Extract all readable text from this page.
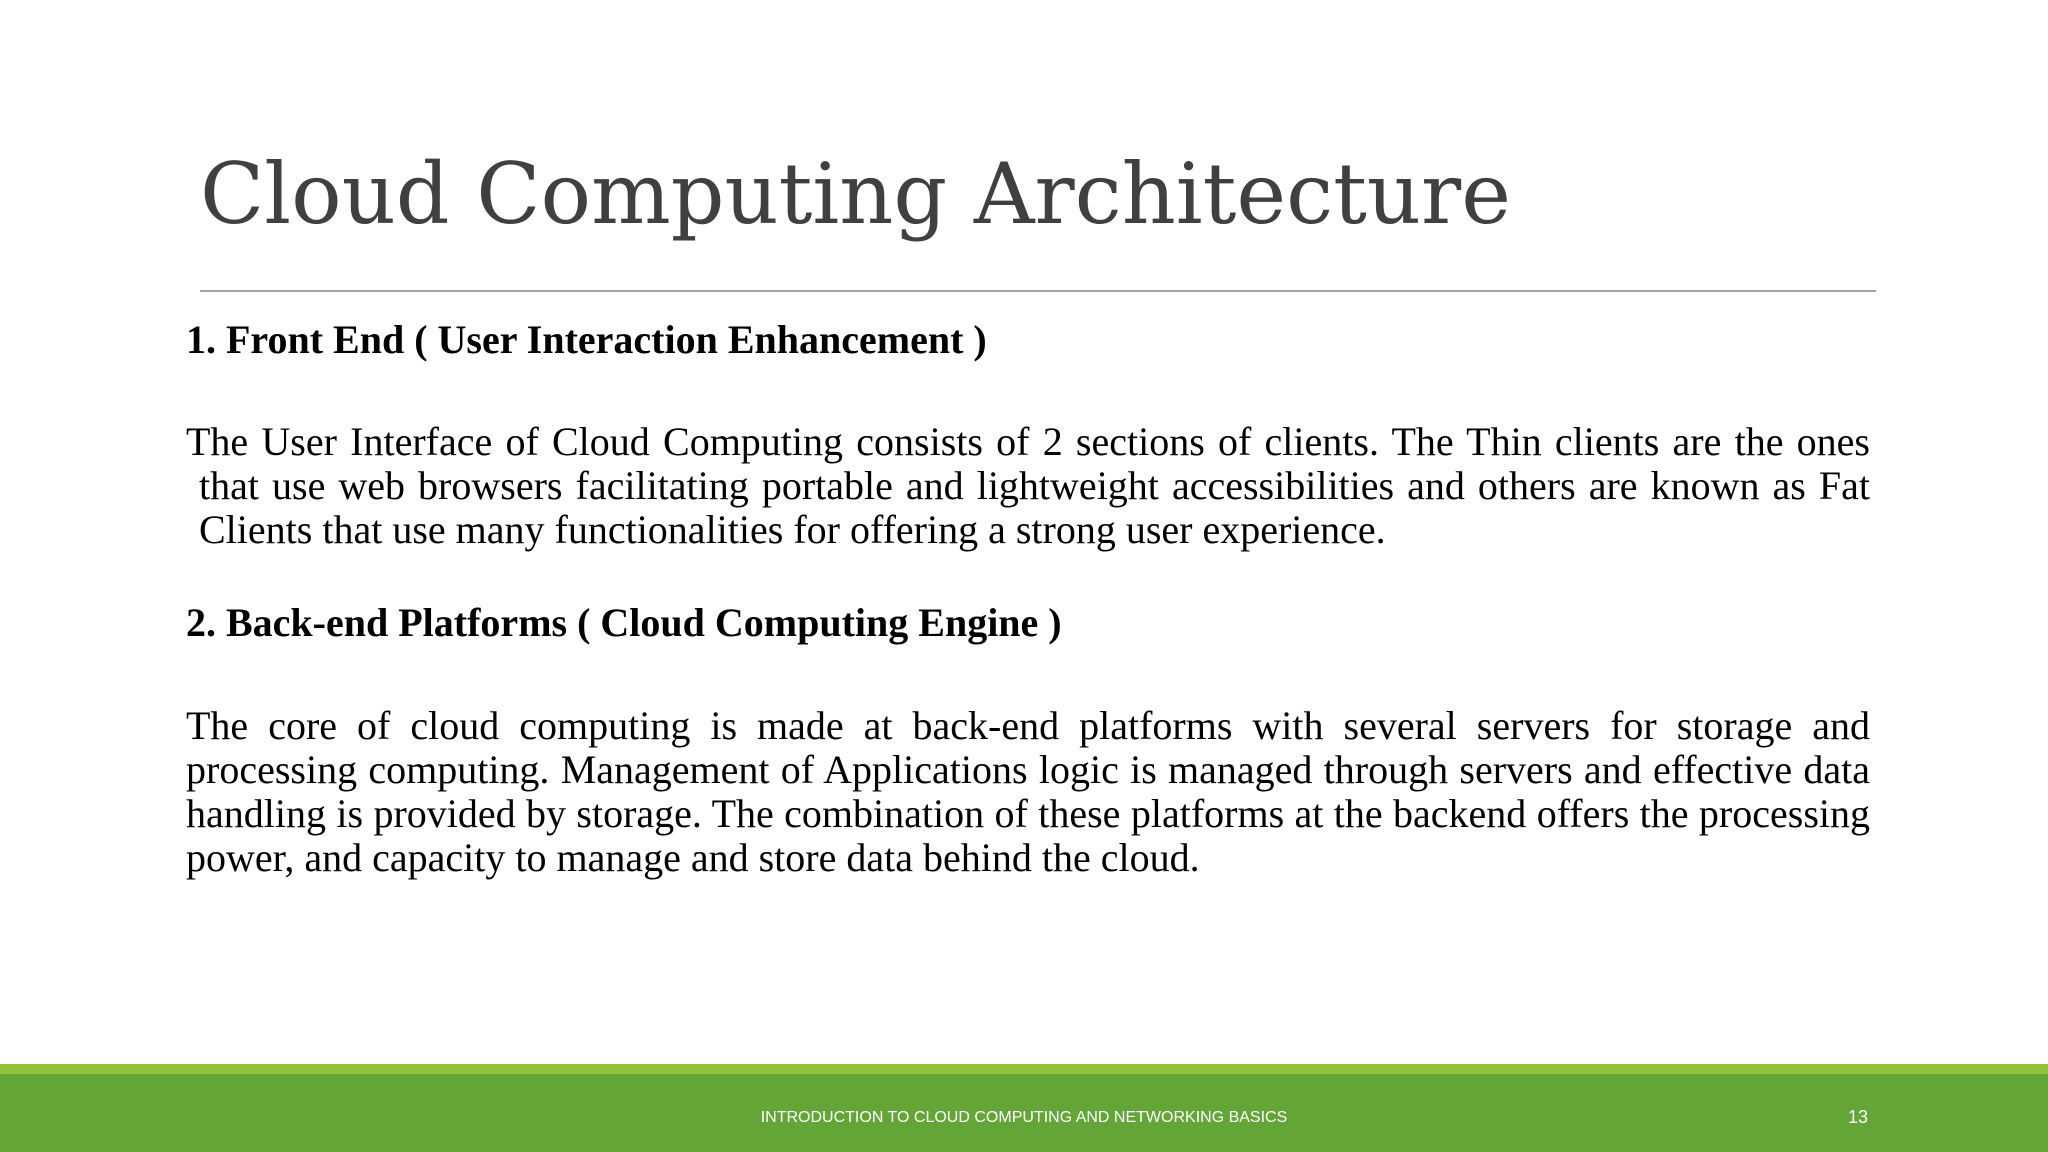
Cloud Computing Architecture

1. Front End ( User Interaction Enhancement )

The User Interface of Cloud Computing consists of 2 sections of clients. The Thin clients are the ones that use web browsers facilitating portable and lightweight accessibilities and others are known as Fat Clients that use many functionalities for offering a strong user experience.

2. Back-end Platforms ( Cloud Computing Engine )

The core of cloud computing is made at back-end platforms with several servers for storage and processing computing. Management of Applications logic is managed through servers and effective data handling is provided by storage. The combination of these platforms at the backend offers the processing power, and capacity to manage and store data behind the cloud.

INTRODUCTION TO CLOUD COMPUTING AND NETWORKING BASICS	13
